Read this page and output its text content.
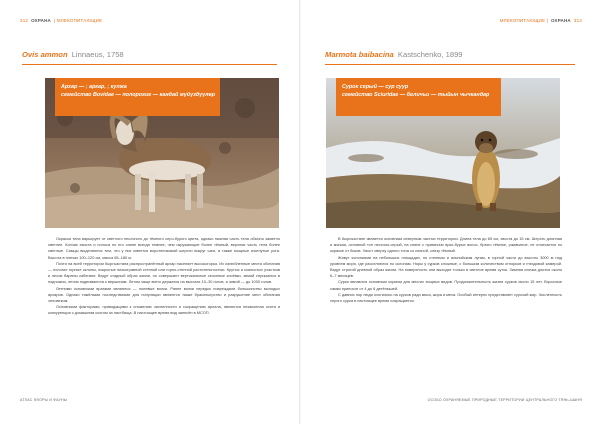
312 ОХРАНА | МЛЕКОПИТАЮЩИЕ
Ovis ammon Linnaeus, 1758
Архар — ; аркар, ; кулжа
семейство Bovidae — полорогие — кандай мүйүздүүлөр

Окраска тела варьирует от светлого песочного до тёмного серо-бурого цвета, однако нижняя часть тела обычно заметно светлее. Кончик хвоста и полоса по его спине всегда темнее, чем окружающие более тёмный, верхняя часть тела более светлые. Самцы выделяются тем, что у них имеется воротничковый шерсти вокруг шеи, а также мощные изогнутые рога. Высота в плечах 100–120 см, масса 65–180 кг.

Почти на всей территории Кыргызстана распространённый архар населяет высокогорья. Их излюбленные места обитания — пологие горные склоны, покрытые низкотравной степной или горно-степной растительностью. Крутых и скалистых участков и лесов бараны избегают. Ведут стадный образ жизни, но совершают вертикальные сезонные кочёвки, зимой спускаются в подножия, летом поднимаются к вершинам. Летом чаще всего держатся на высотах 10–30 голов, а зимой — до 1000 голов.

Летними основными врагами являются — полевые волки. Ранее волки нередко повреждали большинство молодых архаров. Однако тяжёлыми последствиями для популяции являются также браконьерство и разрушение мест обитания человеком.

Основными факторами, приводящими к снижению численности и сокращению ареала, являются незаконная охота и конкуренция с домашним скотом за пастбища. В настоящее время вид занесён в МСОП.

АТЛАС ФЛОРЫ И ФАУНЫ
МЛЕКОПИТАЮЩИЕ | ОХРАНА 313
Marmota baibacina Kastschenko, 1899
Сурок серый — сур суур
семейство Sciuridae — беличьи — тыйын чычкандар

В Кыргызстане является основным северным частью территории. Длина тела до 65 см, хвоста до 15 см. Шерсть длинная и мягкая, основной тон песочно-серый, на спине с примесью ярко-бурых волос, брюхо тёмное, ржавчатое, не отличается по окраске от боков. Хвост сверху одного тона со спиной, снизу тёмный.

Живут колониями на небольших площадях, по степным и альпийским лугам, в горной части до высоты 3000 м над уровнем моря, где расселяются по склонам. Норы у сурков сложные, с большим количеством отнорков и гнездовой камерой. Ведут строгий дневной образ жизни. На поверхность они выходят только в светлое время суток. Зимняя спячка длится около 6–7 месяцев.

Сурки являются основным кормом для многих хищных видов. Продолжительность жизни сурков около 15 лет. Взрослые самки приносят от 4 до 6 детёнышей.

С давних пор люди охотились на сурков ради мяса, жира и меха. Особый интерес представляет сурочий жир. Численность серого сурка в настоящее время сокращается.

ОСОБО ОХРАНЯЕМЫЕ ПРИРОДНЫЕ ТЕРРИТОРИИ ЦЕНТРАЛЬНОГО ТЯНЬ-ШАНЯ
